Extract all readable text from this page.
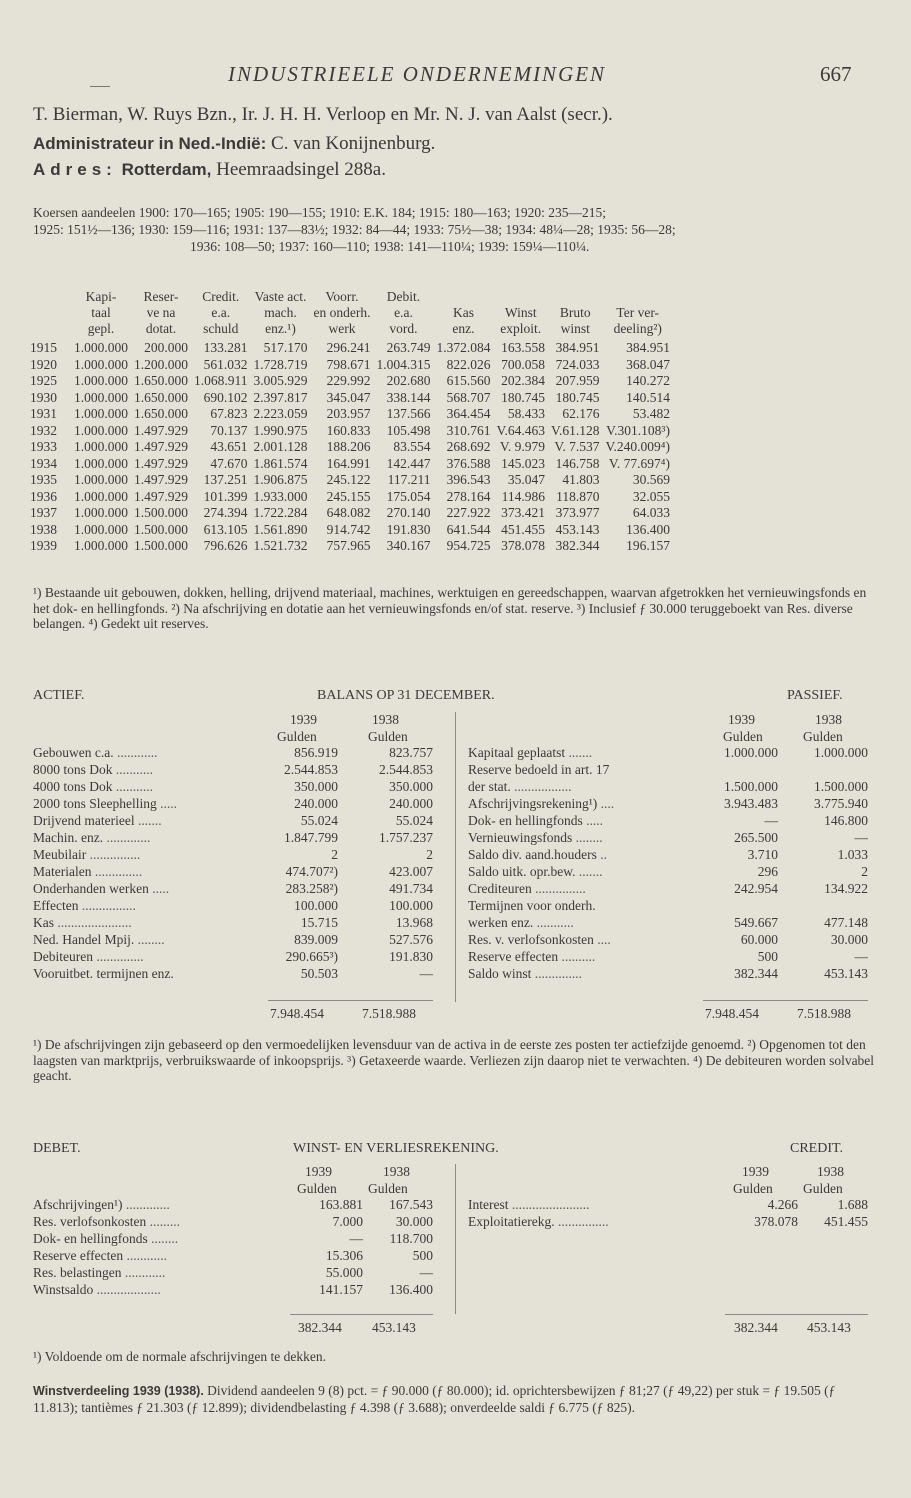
INDUSTRIEELE ONDERNEMINGEN	667
T. Bierman, W. Ruys Bzn., Ir. J. H. H. Verloop en Mr. N. J. van Aalst (secr.).
Administrateur in Ned.-Indië: C. van Konijnenburg.
Adres: Rotterdam, Heemraadsingel 288a.
Koersen aandeelen 1900: 170—165; 1905: 190—155; 1910: E.K. 184; 1915: 180—163; 1920: 235—215;
1925: 151½—136; 1930: 159—116; 1931: 137—83½; 1932: 84—44; 1933: 75½—38; 1934: 48¼—28; 1935: 56—28;
1936: 108—50; 1937: 160—110; 1938: 141—110¼; 1939: 159¼—110¼.
	Kapi-	Reser-	Credit.	Vaste act.	Voorr.	Debit.				
	taal	ve na	e.a.	mach.	en onderh.	e.a.	Kas	Winst	Bruto	Ter ver-
	gepl.	dotat.	schuld	enz.¹)	werk	vord.	enz.	exploit.	winst	deeling²)
1915	1.000.000	200.000	133.281	517.170	296.241	263.749	1.372.084	163.558	384.951	384.951
1920	1.000.000	1.200.000	561.032	1.728.719	798.671	1.004.315	822.026	700.058	724.033	368.047
1925	1.000.000	1.650.000	1.068.911	3.005.929	229.992	202.680	615.560	202.384	207.959	140.272
1930	1.000.000	1.650.000	690.102	2.397.817	345.047	338.144	568.707	180.745	180.745	140.514
1931	1.000.000	1.650.000	67.823	2.223.059	203.957	137.566	364.454	58.433	62.176	53.482
1932	1.000.000	1.497.929	70.137	1.990.975	160.833	105.498	310.761	V.64.463	V.61.128	V.301.108³)
1933	1.000.000	1.497.929	43.651	2.001.128	188.206	83.554	268.692	V. 9.979	V. 7.537	V.240.009⁴)
1934	1.000.000	1.497.929	47.670	1.861.574	164.991	142.447	376.588	145.023	146.758	V. 77.697⁴)
1935	1.000.000	1.497.929	137.251	1.906.875	245.122	117.211	396.543	35.047	41.803	30.569
1936	1.000.000	1.497.929	101.399	1.933.000	245.155	175.054	278.164	114.986	118.870	32.055
1937	1.000.000	1.500.000	274.394	1.722.284	648.082	270.140	227.922	373.421	373.977	64.033
1938	1.000.000	1.500.000	613.105	1.561.890	914.742	191.830	641.544	451.455	453.143	136.400
1939	1.000.000	1.500.000	796.626	1.521.732	757.965	340.167	954.725	378.078	382.344	196.157
¹) Bestaande uit gebouwen, dokken, helling, drijvend materiaal, machines, werktuigen en gereedschappen, waarvan afgetrokken het vernieuwingsfonds en het dok- en hellingfonds. ²) Na afschrijving en dotatie aan het vernieuwingsfonds en/of stat. reserve. ³) Inclusief ƒ 30.000 teruggeboekt van Res. diverse belangen. ⁴) Gedekt uit reserves.
ACTIEF.	BALANS OP 31 DECEMBER.	PASSIEF.
1939	1938
Gulden	Gulden
1939	1938
Gulden	Gulden
Gebouwen c.a. ............	856.919	823.757
8000 tons Dok ...........	2.544.853	2.544.853
4000 tons Dok ...........	350.000	350.000
2000 tons Sleephelling .....	240.000	240.000
Drijvend materieel .......	55.024	55.024
Machin. enz. .............	1.847.799	1.757.237
Meubilair ...............	2	2
Materialen ..............	474.707²)	423.007
Onderhanden werken .....	283.258²)	491.734
Effecten ................	100.000	100.000
Kas ......................	15.715	13.968
Ned. Handel Mpij. ........	839.009	527.576
Debiteuren ..............	290.665³)	191.830
Vooruitbet. termijnen enz.	50.503	—
Kapitaal geplaatst .......	1.000.000	1.000.000
Reserve bedoeld in art. 17		
der stat. .................	1.500.000	1.500.000
Afschrijvingsrekening¹) ....	3.943.483	3.775.940
Dok- en hellingfonds .....	—	146.800
Vernieuwingsfonds ........	265.500	—
Saldo div. aand.houders ..	3.710	1.033
Saldo uitk. opr.bew. .......	296	2
Crediteuren ...............	242.954	134.922
Termijnen voor onderh.		
werken enz. ...........	549.667	477.148
Res. v. verlofsonkosten ....	60.000	30.000
Reserve effecten ..........	500	—
Saldo winst ..............	382.344	453.143
7.948.454	7.518.988	7.948.454	7.518.988
¹) De afschrijvingen zijn gebaseerd op den vermoedelijken levensduur van de activa in de eerste zes posten ter actiefzijde genoemd. ²) Opgenomen tot den laagsten van marktprijs, verbruikswaarde of inkoopsprijs. ³) Getaxeerde waarde. Verliezen zijn daarop niet te verwachten. ⁴) De debiteuren worden solvabel geacht.
DEBET.	WINST- EN VERLIESREKENING.	CREDIT.
1939	1938
Gulden Gulden
1939	1938
Gulden Gulden
Afschrijvingen¹) .............	163.881	167.543
Res. verlofsonkosten .........	7.000	30.000
Dok- en hellingfonds ........	—	118.700
Reserve effecten ............	15.306	500
Res. belastingen ............	55.000	—
Winstsaldo ...................	141.157	136.400
Interest .......................	4.266	1.688
Exploitatierekg. ...............	378.078	451.455
382.344 453.143	382.344 453.143
¹) Voldoende om de normale afschrijvingen te dekken.
Winstverdeeling 1939 (1938). Dividend aandeelen 9 (8) pct. = ƒ 90.000 (ƒ 80.000); id. oprichtersbewijzen ƒ 81;27 (ƒ 49,22) per stuk = ƒ 19.505 (ƒ 11.813); tantièmes ƒ 21.303 (ƒ 12.899); dividendbelasting ƒ 4.398 (ƒ 3.688); onverdeelde saldi ƒ 6.775 (ƒ 825).
